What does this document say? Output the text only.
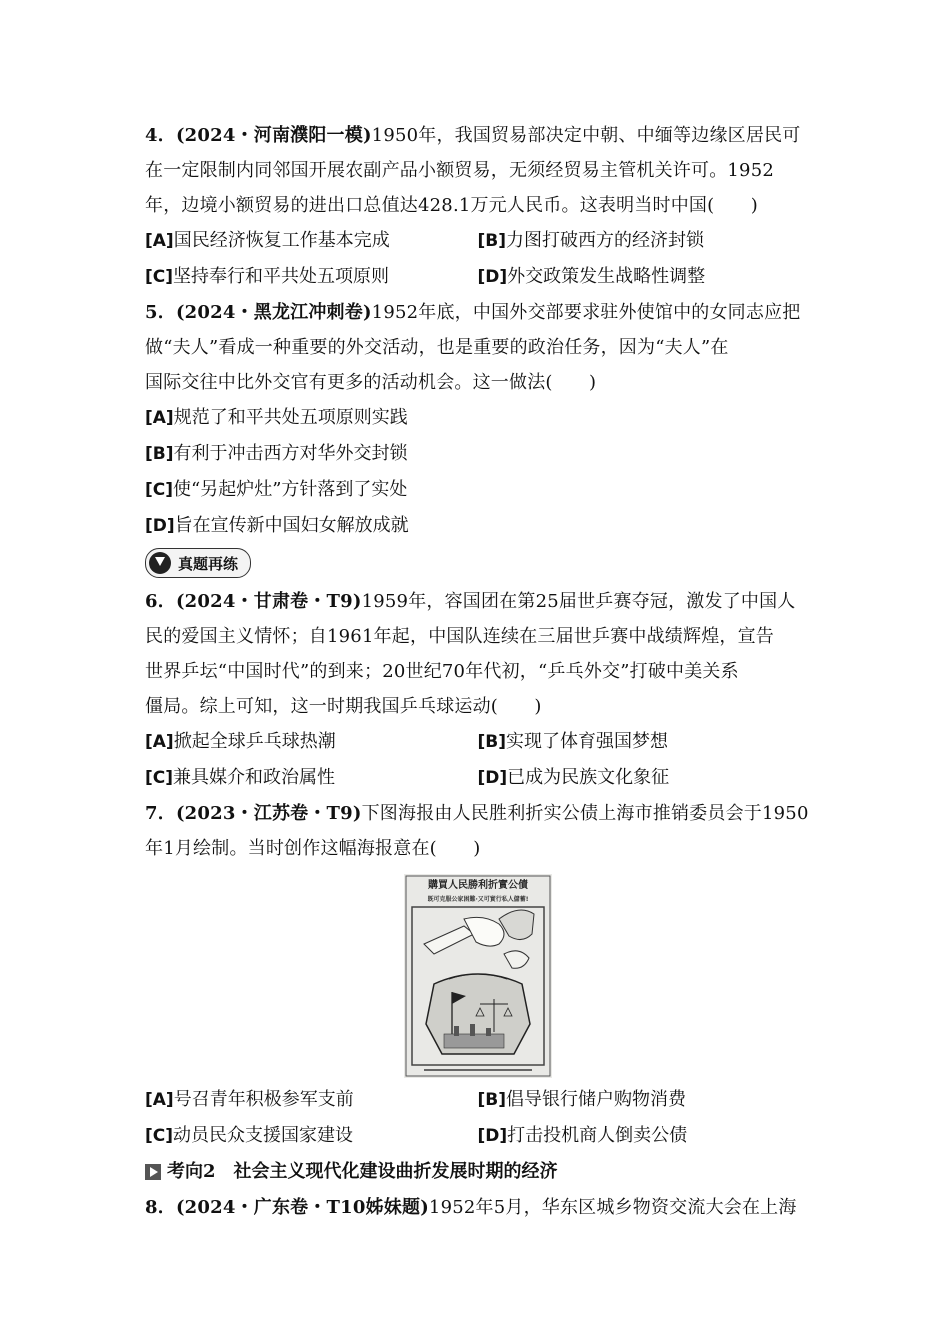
4．(2024・河南濮阳一模)1950年，我国贸易部决定中朝、中缅等边缘区居民可
在一定限制内同邻国开展农副产品小额贸易，无须经贸易主管机关许可。1952
年，边境小额贸易的进出口总值达428.1万元人民币。这表明当时中国(　　)
[A]国民经济恢复工作基本完成	[B]力图打破西方的经济封锁
[C]坚持奉行和平共处五项原则	[D]外交政策发生战略性调整
5．(2024・黑龙江冲刺卷)1952年底，中国外交部要求驻外使馆中的女同志应把
做“夫人”看成一种重要的外交活动，也是重要的政治任务，因为“夫人”在
国际交往中比外交官有更多的活动机会。这一做法(　　)
[A]规范了和平共处五项原则实践
[B]有利于冲击西方对华外交封锁
[C]使“另起炉灶”方针落到了实处
[D]旨在宣传新中国妇女解放成就
真题再练
6．(2024・甘肃卷・T9)1959年，容国团在第25届世乒赛夺冠，激发了中国人
民的爱国主义情怀；自1961年起，中国队连续在三届世乒赛中战绩辉煌，宣告
世界乒坛“中国时代”的到来；20世纪70年代初，“乒乓外交”打破中美关系
僵局。综上可知，这一时期我国乒乓球运动(　　)
[A]掀起全球乒乓球热潮	[B]实现了体育强国梦想
[C]兼具媒介和政治属性	[D]已成为民族文化象征
7．(2023・江苏卷・T9)下图海报由人民胜利折实公债上海市推销委员会于1950
年1月绘制。当时创作这幅海报意在(　　)
購買人民勝利折實公債
既可克服公家困難·又可實行私人儲蓄!
[A]号召青年积极参军支前	[B]倡导银行储户购物消费
[C]动员民众支援国家建设	[D]打击投机商人倒卖公债
考向2　社会主义现代化建设曲折发展时期的经济
8．(2024・广东卷・T10姊妹题)1952年5月，华东区城乡物资交流大会在上海
